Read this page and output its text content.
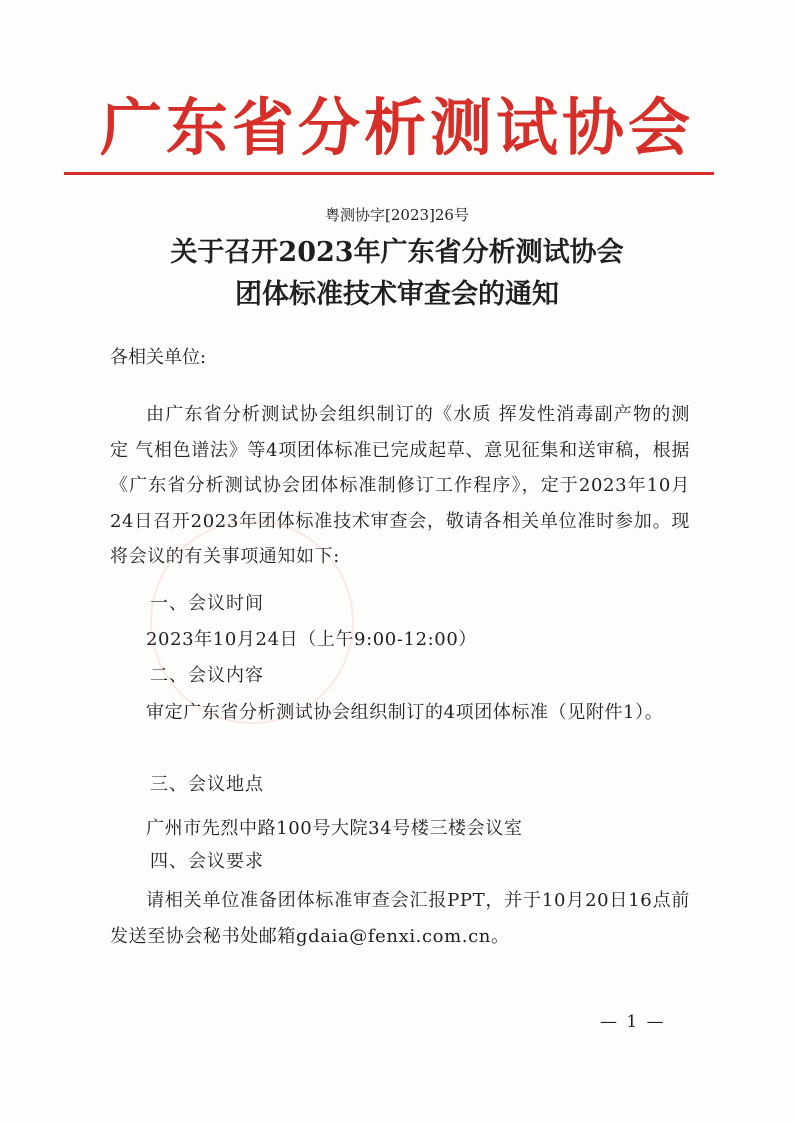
广东省分析测试协会
粤测协字[2023]26号
关于召开2023年广东省分析测试协会
团体标准技术审查会的通知
各相关单位:
由广东省分析测试协会组织制订的《水质 挥发性消毒副产物的测定 气相色谱法》等4项团体标准已完成起草、意见征集和送审稿，根据《广东省分析测试协会团体标准制修订工作程序》，定于2023年10月24日召开2023年团体标准技术审查会，敬请各相关单位准时参加。现将会议的有关事项通知如下:
一、会议时间
2023年10月24日（上午9:00-12:00）
二、会议内容
审定广东省分析测试协会组织制订的4项团体标准（见附件1）。
三、会议地点
广州市先烈中路100号大院34号楼三楼会议室
四、会议要求
请相关单位准备团体标准审查会汇报PPT，并于10月20日16点前发送至协会秘书处邮箱gdaia@fenxi.com.cn。
— 1 —
